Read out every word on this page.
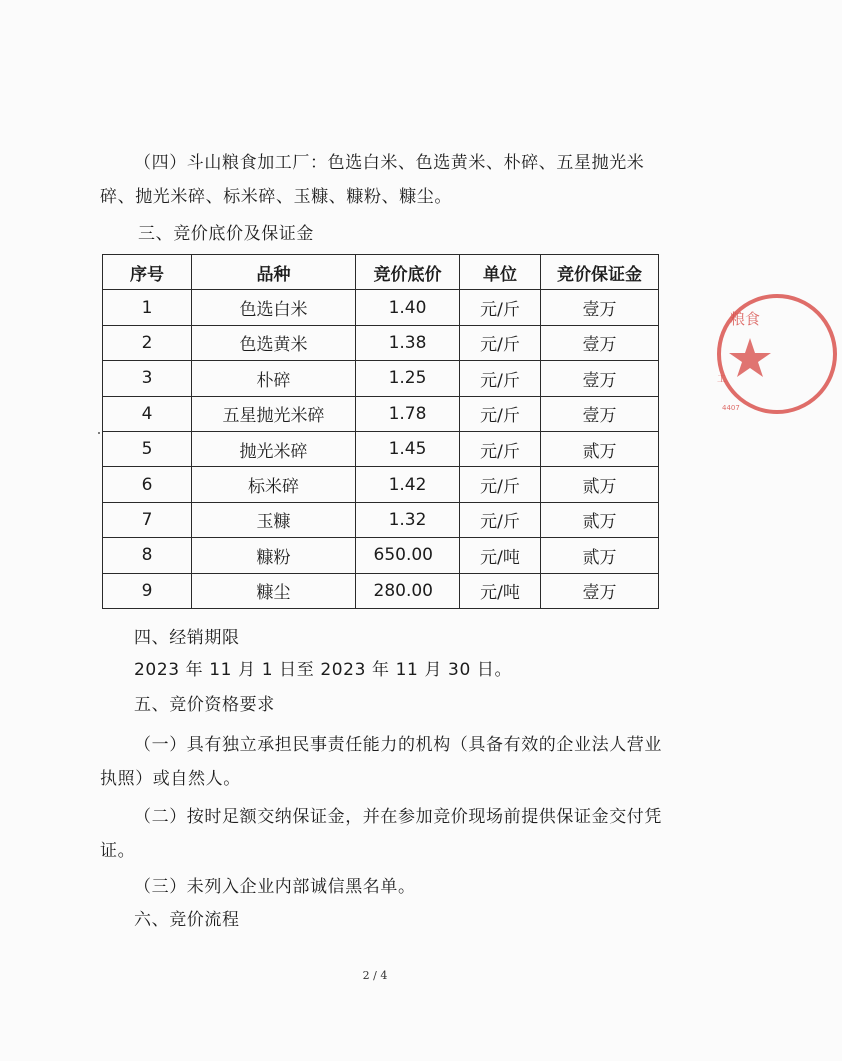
（四）斗山粮食加工厂：色选白米、色选黄米、朴碎、五星抛光米碎、抛光米碎、标米碎、玉糠、糠粉、糠尘。

三、竞价底价及保证金
序号	品种	竞价底价	单位	竞价保证金
1	色选白米	1.40	元/斤	壹万
2	色选黄米	1.38	元/斤	壹万
3	朴碎	1.25	元/斤	壹万
4	五星抛光米碎	1.78	元/斤	壹万
5	抛光米碎	1.45	元/斤	贰万
6	标米碎	1.42	元/斤	贰万
7	玉糠	1.32	元/斤	贰万
8	糠粉	650.00	元/吨	贰万
9	糠尘	280.00	元/吨	壹万
四、经销期限
2023 年 11 月 1 日至 2023 年 11 月 30 日。
五、竞价资格要求

（一）具有独立承担民事责任能力的机构（具备有效的企业法人营业执照）或自然人。

（二）按时足额交纳保证金，并在参加竞价现场前提供保证金交付凭证。

（三）未列入企业内部诚信黑名单。
六、竞价流程
2 / 4
粮食
工
4407
